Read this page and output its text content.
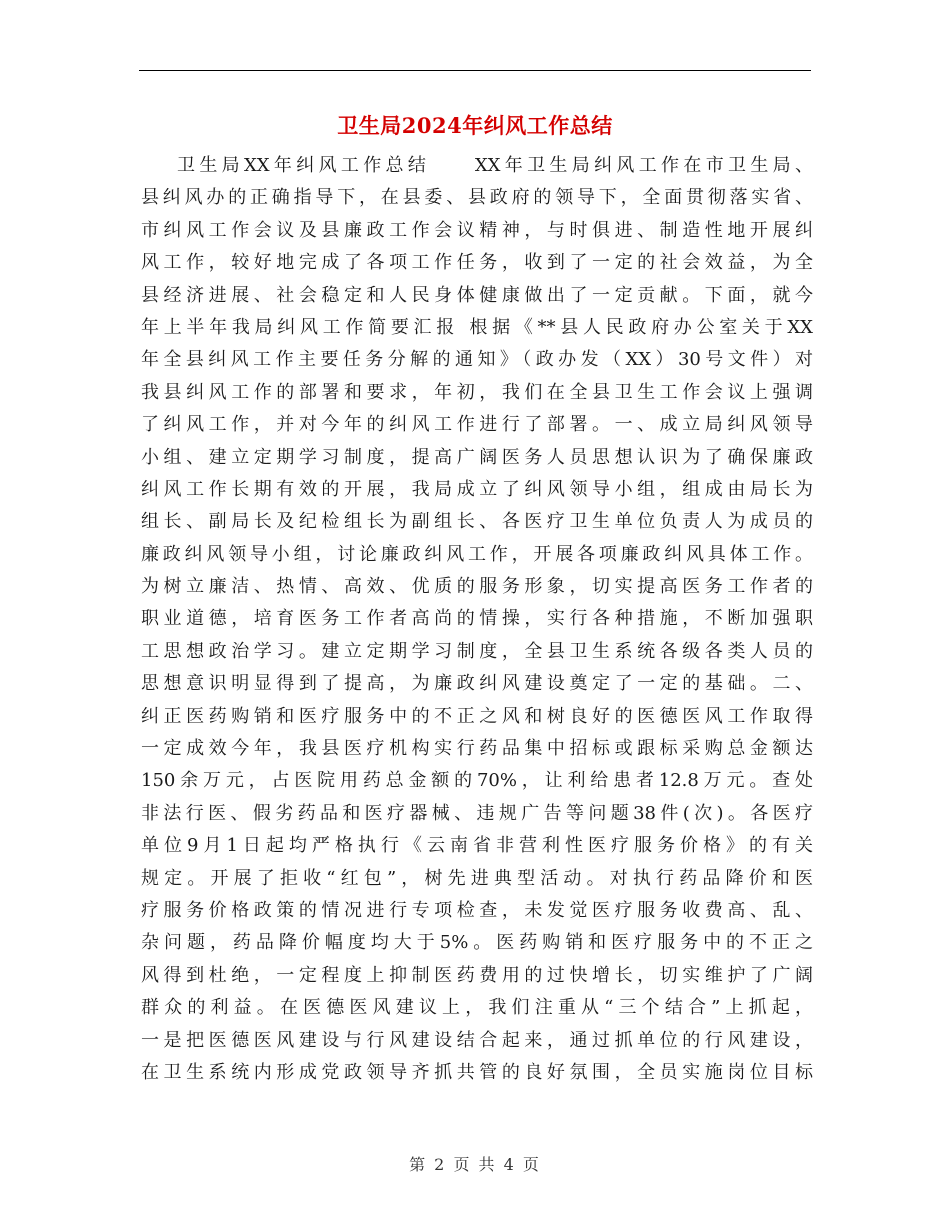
卫生局2024年纠风工作总结
卫生局XX年纠风工作总结　　XX年卫生局纠风工作在市卫生局、
县纠风办的正确指导下，在县委、县政府的领导下，全面贯彻落实省、
市纠风工作会议及县廉政工作会议精神，与时俱进、制造性地开展纠
风工作，较好地完成了各项工作任务，收到了一定的社会效益，为全
县经济进展、社会稳定和人民身体健康做出了一定贡献。下面，就今
年上半年我局纠风工作简要汇报 根据《**县人民政府办公室关于XX
年全县纠风工作主要任务分解的通知》（政办发（XX）30号文件）对
我县纠风工作的部署和要求，年初，我们在全县卫生工作会议上强调
了纠风工作，并对今年的纠风工作进行了部署。一、成立局纠风领导
小组、建立定期学习制度，提高广阔医务人员思想认识为了确保廉政
纠风工作长期有效的开展，我局成立了纠风领导小组，组成由局长为
组长、副局长及纪检组长为副组长、各医疗卫生单位负责人为成员的
廉政纠风领导小组，讨论廉政纠风工作，开展各项廉政纠风具体工作。
为树立廉洁、热情、高效、优质的服务形象，切实提高医务工作者的
职业道德，培育医务工作者高尚的情操，实行各种措施，不断加强职
工思想政治学习。建立定期学习制度，全县卫生系统各级各类人员的
思想意识明显得到了提高，为廉政纠风建设奠定了一定的基础。二、
纠正医药购销和医疗服务中的不正之风和树良好的医德医风工作取得
一定成效今年，我县医疗机构实行药品集中招标或跟标采购总金额达
150余万元，占医院用药总金额的70%，让利给患者12.8万元。查处
非法行医、假劣药品和医疗器械、违规广告等问题38件(次)。各医疗
单位9月1日起均严格执行《云南省非营利性医疗服务价格》的有关
规定。开展了拒收“红包”，树先进典型活动。对执行药品降价和医
疗服务价格政策的情况进行专项检查，未发觉医疗服务收费高、乱、
杂问题，药品降价幅度均大于5%。医药购销和医疗服务中的不正之
风得到杜绝，一定程度上抑制医药费用的过快增长，切实维护了广阔
群众的利益。在医德医风建议上，我们注重从“三个结合”上抓起，
一是把医德医风建设与行风建设结合起来，通过抓单位的行风建设，
在卫生系统内形成党政领导齐抓共管的良好氛围，全员实施岗位目标
第 2 页 共 4 页
